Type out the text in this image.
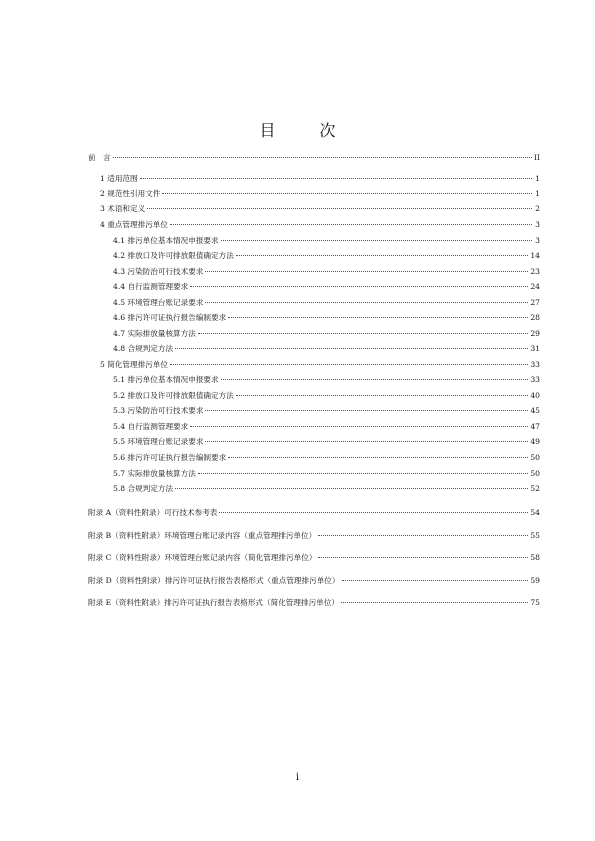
目　次
前　言	II
1 适用范围	1
2 规范性引用文件	1
3 术语和定义	2
4 重点管理排污单位	3
4.1 排污单位基本情况申报要求	3
4.2 排放口及许可排放限值确定方法	14
4.3 污染防治可行技术要求	23
4.4 自行监测管理要求	24
4.5 环境管理台账记录要求	27
4.6 排污许可证执行报告编制要求	28
4.7 实际排放量核算方法	29
4.8 合规判定方法	31
5 简化管理排污单位	33
5.1 排污单位基本情况申报要求	33
5.2 排放口及许可排放限值确定方法	40
5.3 污染防治可行技术要求	45
5.4 自行监测管理要求	47
5.5 环境管理台账记录要求	49
5.6 排污许可证执行报告编制要求	50
5.7 实际排放量核算方法	50
5.8 合规判定方法	52
附录 A（资料性附录）可行技术参考表	54
附录 B（资料性附录）环境管理台账记录内容（重点管理排污单位）	55
附录 C（资料性附录）环境管理台账记录内容（简化管理排污单位）	58
附录 D（资料性附录）排污许可证执行报告表格形式（重点管理排污单位）	59
附录 E（资料性附录）排污许可证执行报告表格形式（简化管理排污单位）	75
i
